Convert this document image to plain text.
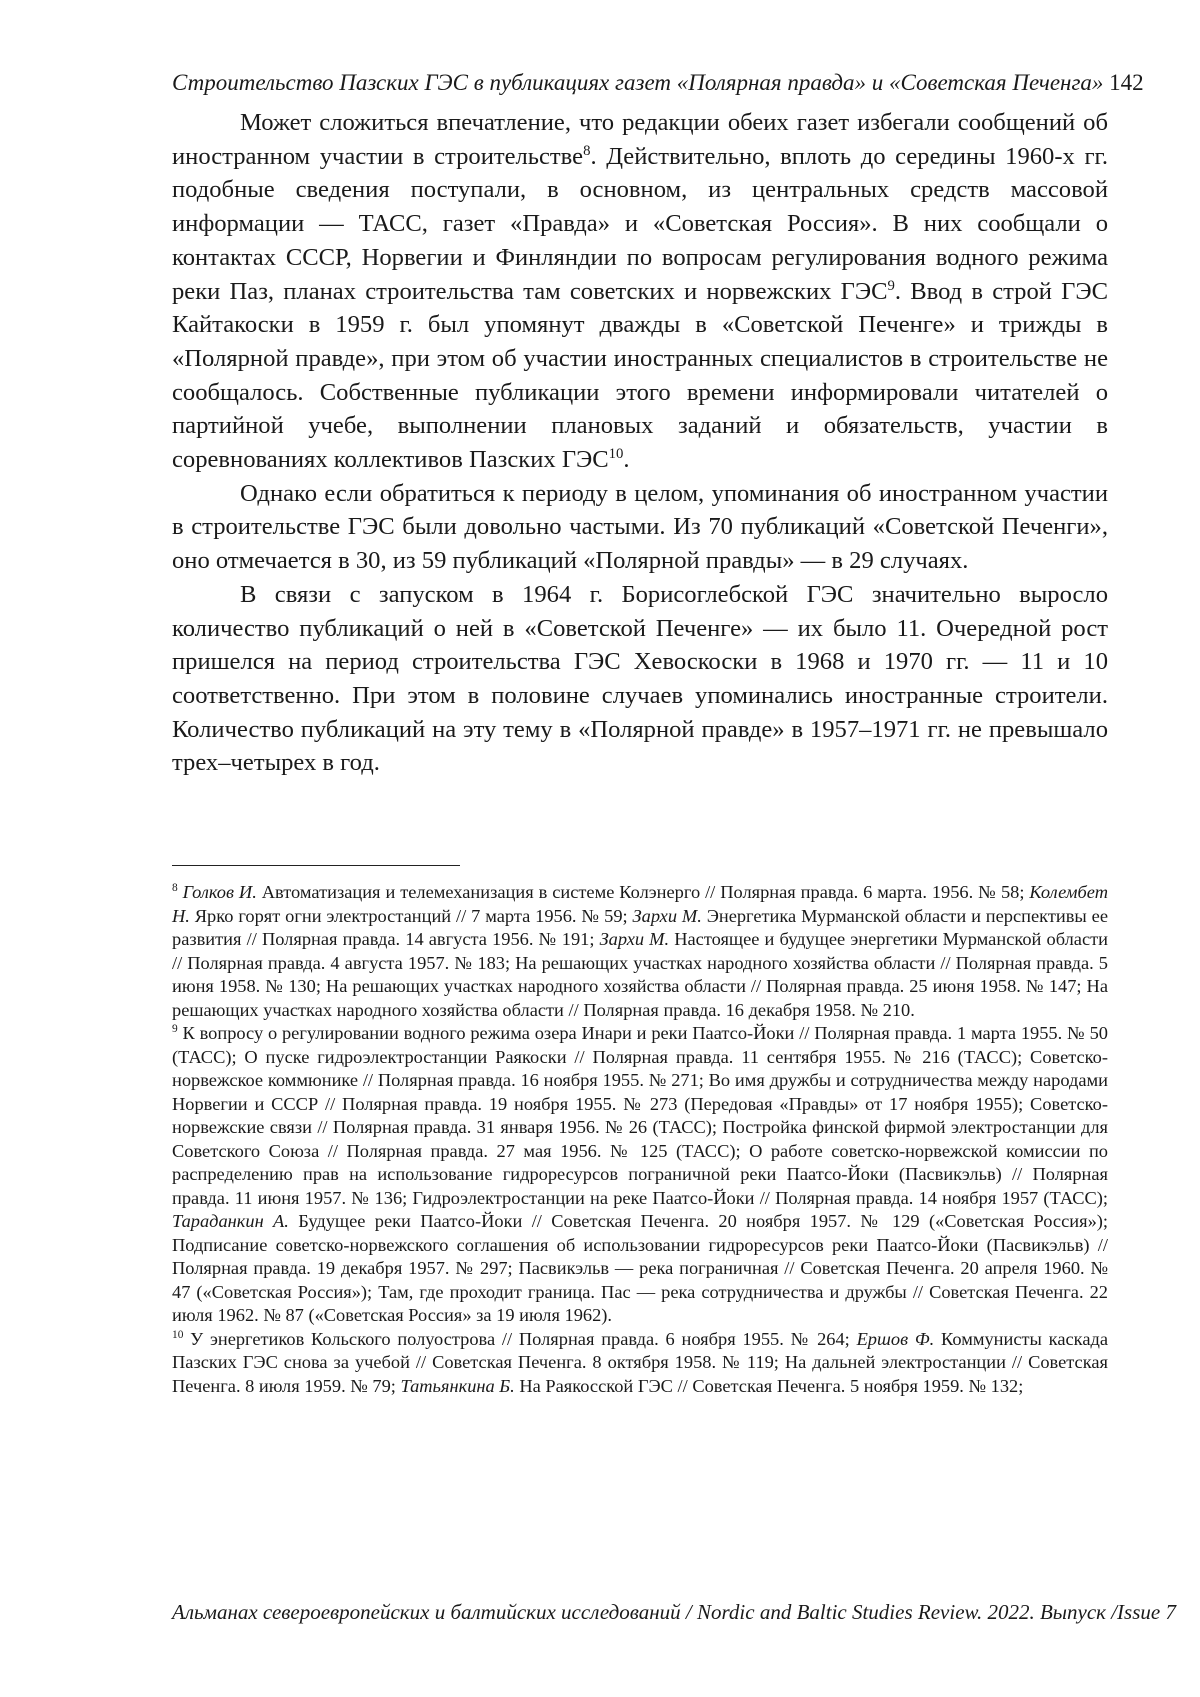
Строительство Пазских ГЭС в публикациях газет «Полярная правда» и «Советская Печенга» 142

Может сложиться впечатление, что редакции обеих газет избегали сообщений об иностранном участии в строительстве$^8$. Действительно, вплоть до середины 1960-х гг. подобные сведения поступали, в основном, из центральных средств массовой информации — ТАСС, газет «Правда» и «Советская Россия». В них сообщали о контактах СССР, Норвегии и Финляндии по вопросам регулирования водного режима реки Паз, планах строительства там советских и норвежских ГЭС$^9$. Ввод в строй ГЭС Кайтакоски в 1959 г. был упомянут дважды в «Советской Печенге» и трижды в «Полярной правде», при этом об участии иностранных специалистов в строительстве не сообщалось. Собственные публикации этого времени информировали читателей о партийной учебе, выполнении плановых заданий и обязательств, участии в соревнованиях коллективов Пазских ГЭС$^{10}$.

Однако если обратиться к периоду в целом, упоминания об иностранном участии в строительстве ГЭС были довольно частыми. Из 70 публикаций «Советской Печенги», оно отмечается в 30, из 59 публикаций «Полярной правды» — в 29 случаях.

В связи с запуском в 1964 г. Борисоглебской ГЭС значительно выросло количество публикаций о ней в «Советской Печенге» — их было 11. Очередной рост пришелся на период строительства ГЭС Хевоскоски в 1968 и 1970 гг. — 11 и 10 соответственно. При этом в половине случаев упоминались иностранные строители. Количество публикаций на эту тему в «Полярной правде» в 1957–1971 гг. не превышало трех–четырех в год.

$^8$ Голков И. Автоматизация и телемеханизация в системе Колэнерго // Полярная правда. 6 марта. 1956. № 58; Колембет Н. Ярко горят огни электростанций // 7 марта 1956. № 59; Зархи М. Энергетика Мурманской области и перспективы ее развития // Полярная правда. 14 августа 1956. № 191; Зархи М. Настоящее и будущее энергетики Мурманской области // Полярная правда. 4 августа 1957. № 183; На решающих участках народного хозяйства области // Полярная правда. 5 июня 1958. № 130; На решающих участках народного хозяйства области // Полярная правда. 25 июня 1958. № 147; На решающих участках народного хозяйства области // Полярная правда. 16 декабря 1958. № 210.

$^9$ К вопросу о регулировании водного режима озера Инари и реки Паатсо-Йоки // Полярная правда. 1 марта 1955. № 50 (ТАСС); О пуске гидроэлектростанции Раякоски // Полярная правда. 11 сентября 1955. № 216 (ТАСС); Советско-норвежское коммюнике // Полярная правда. 16 ноября 1955. № 271; Во имя дружбы и сотрудничества между народами Норвегии и СССР // Полярная правда. 19 ноября 1955. № 273 (Передовая «Правды» от 17 ноября 1955); Советско-норвежские связи // Полярная правда. 31 января 1956. № 26 (ТАСС); Постройка финской фирмой электростанции для Советского Союза // Полярная правда. 27 мая 1956. № 125 (ТАСС); О работе советско-норвежской комиссии по распределению прав на использование гидроресурсов пограничной реки Паатсо-Йоки (Пасвикэльв) // Полярная правда. 11 июня 1957. № 136; Гидроэлектростанции на реке Паатсо-Йоки // Полярная правда. 14 ноября 1957 (ТАСС); Тараданкин А. Будущее реки Паатсо-Йоки // Советская Печенга. 20 ноября 1957. № 129 («Советская Россия»); Подписание советско-норвежского соглашения об использовании гидроресурсов реки Паатсо-Йоки (Пасвикэльв) // Полярная правда. 19 декабря 1957. № 297; Пасвикэльв — река пограничная // Советская Печенга. 20 апреля 1960. № 47 («Советская Россия»); Там, где проходит граница. Пас — река сотрудничества и дружбы // Советская Печенга. 22 июля 1962. № 87 («Советская Россия» за 19 июля 1962).

$^{10}$ У энергетиков Кольского полуострова // Полярная правда. 6 ноября 1955. № 264; Ершов Ф. Коммунисты каскада Пазских ГЭС снова за учебой // Советская Печенга. 8 октября 1958. № 119; На дальней электростанции // Советская Печенга. 8 июля 1959. № 79; Татьянкина Б. На Раякосской ГЭС // Советская Печенга. 5 ноября 1959. № 132;

Альманах североевропейских и балтийских исследований / Nordic and Baltic Studies Review. 2022. Выпуск /Issue 7
